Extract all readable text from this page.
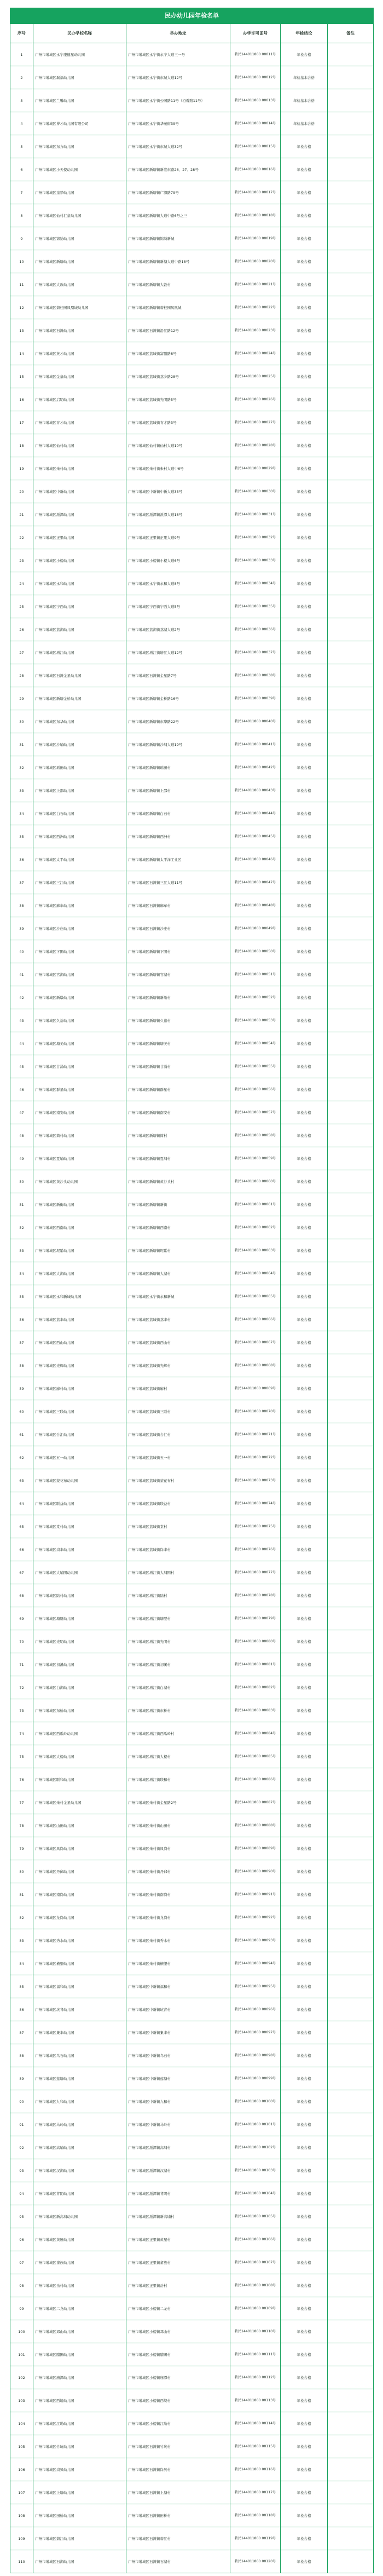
民办幼儿园年检名单					
序号	民办学校名称	举办地址	办学许可证号	年检结论	备注
1	广州市增城区永宁康健星幼儿园	广州市增城区永宁街永宁大道三一号	教民144011800 00011号	年检合格	
2	广州市增城区瑞福幼儿园	广州市增城区永宁街东城大道12号	教民144011800 00012号	年检基本合格	
3	广州市增城区兰馨幼儿园	广州市增城区永宁街公园路11号（沿着路11号）	教民144011800 00013号	年检基本合格	
4	广州市增城区博才幼儿园有限公司	广州市增城区永宁街华苑街39号	教民144011800 00014号	年检基本合格	
5	广州市增城区东方幼儿园	广州市增城区永宁街东城大道32号	教民144011800 00015号	年检合格	
6	广州市增城区小天使幼儿园	广州市增城区新塘镇新港东路26、27、28号	教民144011800 00016号	年检合格	
7	广州市增城区童梦幼儿园	广州市增城区新塘镇广深路79号	教民144011800 00017号	年检合格	
8	广州市增城区仙村汇童幼儿园	广州市增城区新塘镇大道中路6号之三	教民144011800 00018号	年检合格	
9	广州市增城区锦绣幼儿园	广州市增城区新塘镇锦绣新城	教民144011800 00019号	年检合格	
10	广州市增城区新塘幼儿园	广州市增城区新塘镇新塘大道中路18号	教民144011800 00020号	年检合格	
11	广州市增城区大敦幼儿园	广州市增城区新塘镇大敦村	教民144011800 00021号	年检合格	
12	广州市增城区碧桂园凤凰城幼儿园	广州市增城区新塘镇碧桂园凤凰城	教民144011800 00022号	年检合格	
13	广州市增城区石滩幼儿园	广州市增城区石滩镇沿江路12号	教民144011800 00023号	年检合格	
14	广州市增城区英才幼儿园	广州市增城区荔城街富鹏路8号	教民144011800 00024号	年检合格	
15	广州市增城区金童幼儿园	广州市增城区荔城街荔乡路28号	教民144011800 00025号	年检合格	
16	广州市增城区启明幼儿园	广州市增城区荔城街光明路5号	教民144011800 00026号	年检合格	
17	广州市增城区育才幼儿园	广州市增城区荔城街育才路3号	教民144011800 00027号	年检合格	
18	广州市增城区仙村幼儿园	广州市增城区仙村镇仙村大道10号	教民144011800 00028号	年检合格	
19	广州市增城区朱村幼儿园	广州市增城区朱村街朱村大道中6号	教民144011800 00029号	年检合格	
20	广州市增城区中新幼儿园	广州市增城区中新镇中新大道33号	教民144011800 00030号	年检合格	
21	广州市增城区派潭幼儿园	广州市增城区派潭镇派潭大道18号	教民144011800 00031号	年检合格	
22	广州市增城区正果幼儿园	广州市增城区正果镇正果大道9号	教民144011800 00032号	年检合格	
23	广州市增城区小楼幼儿园	广州市增城区小楼镇小楼大道6号	教民144011800 00033号	年检合格	
24	广州市增城区永和幼儿园	广州市增城区永宁街永和大道8号	教民144011800 00034号	年检合格	
25	广州市增城区宁西幼儿园	广州市增城区宁西街宁西大道5号	教民144011800 00035号	年检合格	
26	广州市增城区荔湖幼儿园	广州市增城区荔湖街荔湖大道2号	教民144011800 00036号	年检合格	
27	广州市增城区增江幼儿园	广州市增城区增江街增江大道12号	教民144011800 00037号	年检合格	
28	广州市增城区石滩金星幼儿园	广州市增城区石滩镇金星路7号	教民144011800 00038号	年检合格	
29	广州市增城区新塘金桥幼儿园	广州市增城区新塘镇金桥路16号	教民144011800 00039号	年检合格	
30	广州市增城区东华幼儿园	广州市增城区新塘镇东华路22号	教民144011800 00040号	年检合格	
31	广州市增城区沙埔幼儿园	广州市增城区新塘镇沙埔大道19号	教民144011800 00041号	年检合格	
32	广州市增城区瑶田幼儿园	广州市增城区新塘镇瑶田村	教民144011800 00042号	年检合格	
33	广州市增城区上邵幼儿园	广州市增城区新塘镇上邵村	教民144011800 00043号	年检合格	
34	广州市增城区白石幼儿园	广州市增城区新塘镇白石村	教民144011800 00044号	年检合格	
35	广州市增城区西洲幼儿园	广州市增城区新塘镇西洲村	教民144011800 00045号	年检合格	
36	广州市增城区太平幼儿园	广州市增城区新塘镇太平洋工业区	教民144011800 00046号	年检合格	
37	广州市增城区三江幼儿园	广州市增城区石滩镇三江大道11号	教民144011800 00047号	年检合格	
38	广州市增城区麻车幼儿园	广州市增城区石滩镇麻车村	教民144011800 00048号	年检合格	
39	广州市增城区沙庄幼儿园	广州市增城区石滩镇沙庄村	教民144011800 00049号	年检合格	
40	广州市增城区下围幼儿园	广州市增城区新塘镇下围村	教民144011800 00050号	年检合格	
41	广州市增城区官湖幼儿园	广州市增城区新塘镇官湖村	教民144011800 00051号	年检合格	
42	广州市增城区新墩幼儿园	广州市增城区新塘镇新墩村	教民144011800 00052号	年检合格	
43	广州市增城区久裕幼儿园	广州市增城区新塘镇久裕村	教民144011800 00053号	年检合格	
44	广州市增城区塘美幼儿园	广州市增城区新塘镇塘美村	教民144011800 00054号	年检合格	
45	广州市增城区甘涌幼儿园	广州市增城区新塘镇甘涌村	教民144011800 00055号	年检合格	
46	广州市增城区群星幼儿园	广州市增城区新塘镇群星村	教民144011800 00056号	年检合格	
47	广州市增城区南安幼儿园	广州市增城区新塘镇南安村	教民144011800 00057号	年检合格	
48	广州市增城区简村幼儿园	广州市增城区新塘镇简村	教民144011800 00058号	年检合格	
49	广州市增城区夏埔幼儿园	广州市增城区新塘镇夏埔村	教民144011800 00059号	年检合格	
50	广州市增城区黄沙头幼儿园	广州市增城区新塘镇黄沙头村	教民144011800 00060号	年检合格	
51	广州市增城区新街幼儿园	广州市增城区新塘镇新街	教民144011800 00061号	年检合格	
52	广州市增城区西南幼儿园	广州市增城区新塘镇西南村	教民144011800 00062号	年检合格	
53	广州市增城区坭紫幼儿园	广州市增城区新塘镇坭紫村	教民144011800 00063号	年检合格	
54	广州市增城区大湖幼儿园	广州市增城区新塘镇大湖村	教民144011800 00064号	年检合格	
55	广州市增城区永和新城幼儿园	广州市增城区永宁街永和新城	教民144011800 00065号	年检合格	
56	广州市增城区荔丰幼儿园	广州市增城区荔城街荔丰村	教民144011800 00066号	年检合格	
57	广州市增城区西山幼儿园	广州市增城区荔城街西山村	教民144011800 00067号	年检合格	
58	广州市增城区光辉幼儿园	广州市增城区荔城街光辉村	教民144011800 00068号	年检合格	
59	广州市增城区廖村幼儿园	广州市增城区荔城街廖村	教民144011800 00069号	年检合格	
60	广州市增城区三联幼儿园	广州市增城区荔城街三联村	教民144011800 00070号	年检合格	
61	广州市增城区合汇幼儿园	广州市增城区荔城街合汇村	教民144011800 00071号	年检合格	
62	广州市增城区五一幼儿园	广州市增城区荔城街五一村	教民144011800 00072号	年检合格	
63	广州市增城区蒙花布幼儿园	广州市增城区荔城街蒙花布村	教民144011800 00073号	年检合格	
64	广州市增城区联益幼儿园	广州市增城区荔城街联益村	教民144011800 00074号	年检合格	
65	广州市增城区棠村幼儿园	广州市增城区荔城街棠村	教民144011800 00075号	年检合格	
66	广州市增城区岗丰幼儿园	广州市增城区荔城街岗丰村	教民144011800 00076号	年检合格	
67	广州市增城区大埔围幼儿园	广州市增城区增江街大埔围村	教民144011800 00077号	年检合格	
68	广州市增城区陆村幼儿园	广州市增城区增江街陆村	教民144011800 00078号	年检合格	
69	广州市增城区塘厦幼儿园	广州市增城区增江街塘厦村	教民144011800 00079号	年检合格	
70	广州市增城区光明幼儿园	广州市增城区增江街光明村	教民144011800 00080号	年检合格	
71	广州市增城区初溪幼儿园	广州市增城区增江街初溪村	教民144011800 00081号	年检合格	
72	广州市增城区白湖幼儿园	广州市增城区增江街白湖村	教民144011800 00082号	年检合格	
73	广州市增城区东桥幼儿园	广州市增城区增江街东桥村	教民144011800 00083号	年检合格	
74	广州市增城区西瓜岭幼儿园	广州市增城区增江街西瓜岭村	教民144011800 00084号	年检合格	
75	广州市增城区大楼幼儿园	广州市增城区增江街大楼村	教民144011800 00085号	年检合格	
76	广州市增城区联和幼儿园	广州市增城区增江街联和村	教民144011800 00086号	年检合格	
77	广州市增城区朱村金星幼儿园	广州市增城区朱村街金星路2号	教民144011800 00087号	年检合格	
78	广州市增城区山田幼儿园	广州市增城区朱村街山田村	教民144011800 00088号	年检合格	
79	广州市增城区凤岗幼儿园	广州市增城区朱村街凤岗村	教民144011800 00089号	年检合格	
80	广州市增城区丹邱幼儿园	广州市增城区朱村街丹邱村	教民144011800 00090号	年检合格	
81	广州市增城区南岗幼儿园	广州市增城区朱村街南岗村	教民144011800 00091号	年检合格	
82	广州市增城区龙岗幼儿园	广州市增城区朱村街龙岗村	教民144011800 00092号	年检合格	
83	广州市增城区秀水幼儿园	广州市增城区朱村街秀水村	教民144011800 00093号	年检合格	
84	广州市增城区横塱幼儿园	广州市增城区朱村街横塱村	教民144011800 00094号	年检合格	
85	广州市增城区福和幼儿园	广州市增城区中新镇福和村	教民144011800 00095号	年检合格	
86	广州市增城区坑背幼儿园	广州市增城区中新镇坑背村	教民144011800 00096号	年检合格	
87	广州市增城区集丰幼儿园	广州市增城区中新镇集丰村	教民144011800 00097号	年检合格	
88	广州市增城区乌石幼儿园	广州市增城区中新镇乌石村	教民144011800 00098号	年检合格	
89	广州市增城区莲塘幼儿园	广州市增城区中新镇莲塘村	教民144011800 00099号	年检合格	
90	广州市增城区九和幼儿园	广州市增城区中新镇九和村	教民144011800 00100号	年检合格	
91	广州市增城区马岭幼儿园	广州市增城区中新镇马岭村	教民144011800 00101号	年检合格	
92	广州市增城区高埔幼儿园	广州市增城区派潭镇高埔村	教民144011800 00102号	年检合格	
93	广州市增城区汉湖幼儿园	广州市增城区派潭镇汉湖村	教民144011800 00103号	年检合格	
94	广州市增城区背阴幼儿园	广州市增城区派潭镇背阴村	教民144011800 00104号	年检合格	
95	广州市增城区新高埔幼儿园	广州市增城区派潭镇新高埔村	教民144011800 00105号	年检合格	
96	广州市增城区黄屋幼儿园	广州市增城区正果镇黄屋村	教民144011800 00106号	年检合格	
97	广州市增城区畲族幼儿园	广州市增城区正果镇畲族村	教民144011800 00107号	年检合格	
98	广州市增城区岳村幼儿园	广州市增城区正果镇岳村	教民144011800 00108号	年检合格	
99	广州市增城区二龙幼儿园	广州市增城区小楼镇二龙村	教民144011800 00109号	年检合格	
100	广州市增城区邓山幼儿园	广州市增城区小楼镇邓山村	教民144011800 00110号	年检合格	
101	广州市增城区腊圃幼儿园	广州市增城区小楼镇腊圃村	教民144011800 00111号	年检合格	
102	广州市增城区庙潭幼儿园	广州市增城区小楼镇庙潭村	教民144011800 00112号	年检合格	
103	广州市增城区西境幼儿园	广州市增城区小楼镇西境村	教民144011800 00113号	年检合格	
104	广州市增城区江坳幼儿园	广州市增城区小楼镇江坳村	教民144011800 00114号	年检合格	
105	广州市增城区竹坑幼儿园	广州市增城区石滩镇竹坑村	教民144011800 00115号	年检合格	
106	广州市增城区岗贝幼儿园	广州市增城区石滩镇岗贝村	教民144011800 00116号	年检合格	
107	广州市增城区上塘幼儿园	广州市增城区石滩镇上塘村	教民144011800 00117号	年检合格	
108	广州市增城区田桥幼儿园	广州市增城区石滩镇田桥村	教民144011800 00118号	年检合格	
109	广州市增城区碧江幼儿园	广州市增城区石滩镇碧江村	教民144011800 00119号	年检合格	
110	广州市增城区石湖幼儿园	广州市增城区石滩镇石湖村	教民144011800 00120号	年检合格	
